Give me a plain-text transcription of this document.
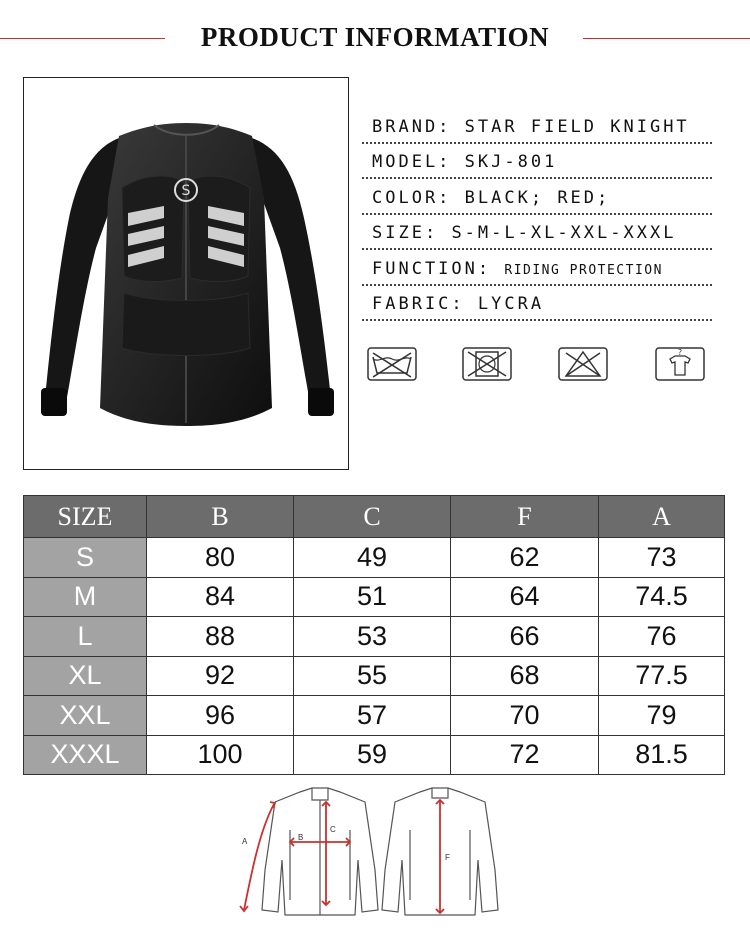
PRODUCT INFORMATION
S
BRAND: STAR FIELD KNIGHT
MODEL: SKJ-801
COLOR: BLACK; RED;
SIZE: S-M-L-XL-XXL-XXXL
FUNCTION: RIDING PROTECTION
FABRIC: LYCRA
?
SIZE	B	C	F	A
S	80	49	62	73
M	84	51	64	74.5
L	88	53	66	76
XL	92	55	68	77.5
XXL	96	57	70	79
XXXL	100	59	72	81.5
A	B
C
F
